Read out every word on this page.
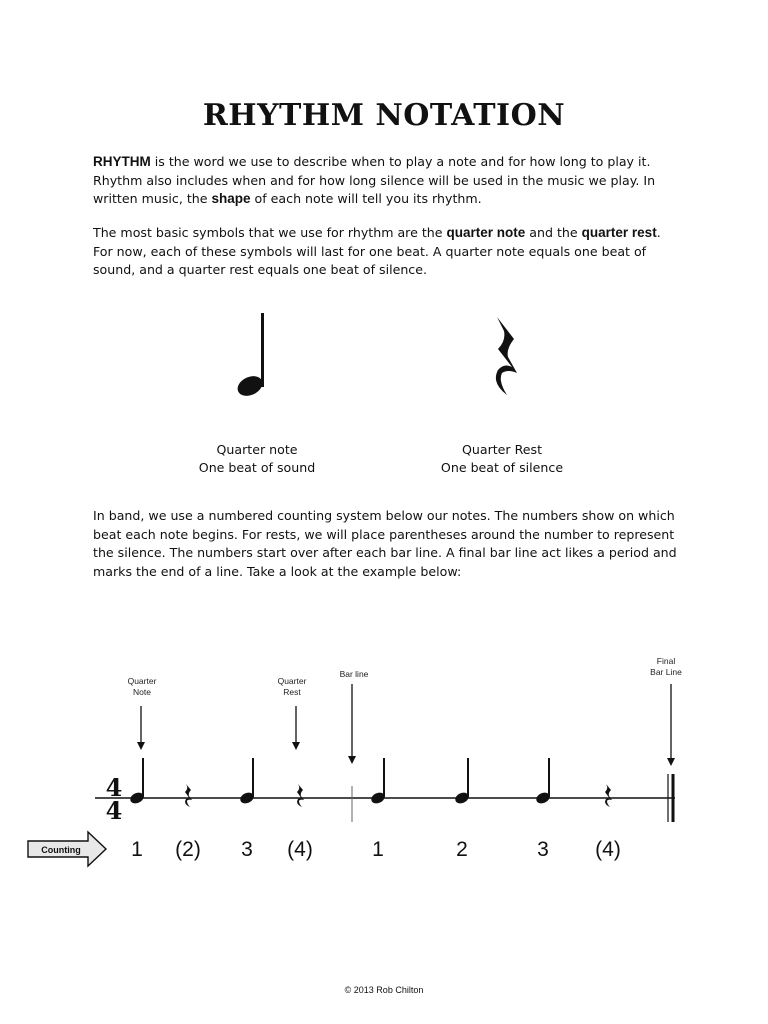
RHYTHM NOTATION

RHYTHM is the word we use to describe when to play a note and for how long to play it. Rhythm also includes when and for how long silence will be used in the music we play. In written music, the shape of each note will tell you its rhythm.

The most basic symbols that we use for rhythm are the quarter note and the quarter rest. For now, each of these symbols will last for one beat. A quarter note equals one beat of sound, and a quarter rest equals one beat of silence.

Quarter note
One beat of sound
Quarter Rest
One beat of silence

In band, we use a numbered counting system below our notes. The numbers show on which beat each note begins. For rests, we will place parentheses around the number to represent the silence. The numbers start over after each bar line. A final bar line act likes a period and marks the end of a line. Take a look at the example below:

Quarter Note
Quarter Rest
Bar line
Final Bar Line
4
4
1 (2) 3 (4)	1	2	3 (4)
Counting
© 2013 Rob Chilton
